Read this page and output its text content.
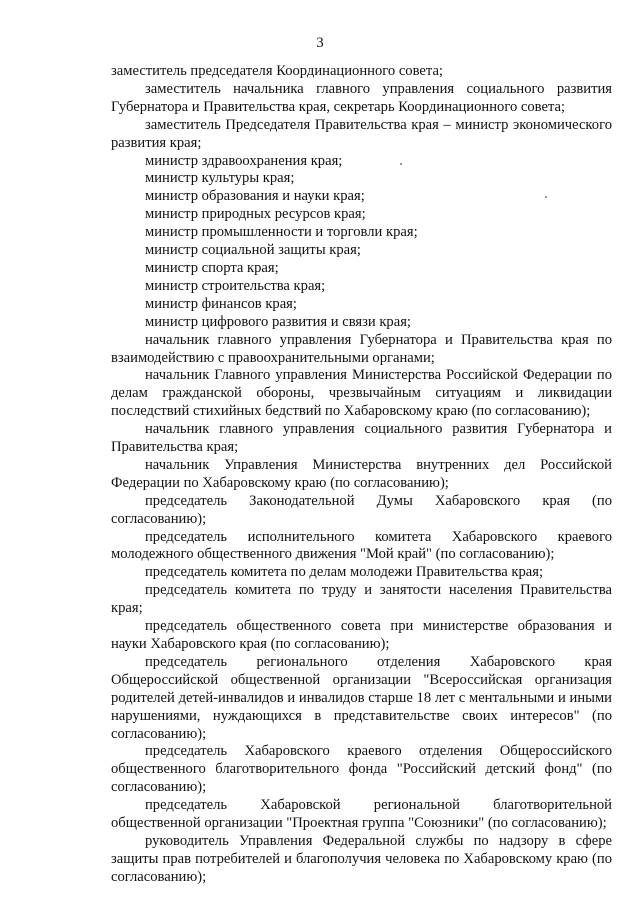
3

заместитель председателя Координационного совета;

заместитель начальника главного управления социального развития Губернатора и Правительства края, секретарь Координационного совета;

заместитель Председателя Правительства края – министр экономического развития края;

министр здравоохранения края;

министр культуры края;

министр образования и науки края;

министр природных ресурсов края;

министр промышленности и торговли края;

министр социальной защиты края;

министр спорта края;

министр строительства края;

министр финансов края;

министр цифрового развития и связи края;

начальник главного управления Губернатора и Правительства края по взаимодействию с правоохранительными органами;

начальник Главного управления Министерства Российской Федерации по делам гражданской обороны, чрезвычайным ситуациям и ликвидации последствий стихийных бедствий по Хабаровскому краю (по согласованию);

начальник главного управления социального развития Губернатора и Правительства края;

начальник Управления Министерства внутренних дел Российской Федерации по Хабаровскому краю (по согласованию);

председатель Законодательной Думы Хабаровского края (по согласованию);

председатель исполнительного комитета Хабаровского краевого молодежного общественного движения "Мой край" (по согласованию);

председатель комитета по делам молодежи Правительства края;

председатель комитета по труду и занятости населения Правительства края;

председатель общественного совета при министерстве образования и науки Хабаровского края (по согласованию);

председатель регионального отделения Хабаровского края Общероссийской общественной организации "Всероссийская организация родителей детей-инвалидов и инвалидов старше 18 лет с ментальными и иными нарушениями, нуждающихся в представительстве своих интересов" (по согласованию);

председатель Хабаровского краевого отделения Общероссийского общественного благотворительного фонда "Российский детский фонд" (по согласованию);

председатель Хабаровской региональной благотворительной общественной организации "Проектная группа "Союзники" (по согласованию);

руководитель Управления Федеральной службы по надзору в сфере защиты прав потребителей и благополучия человека по Хабаровскому краю (по согласованию);
